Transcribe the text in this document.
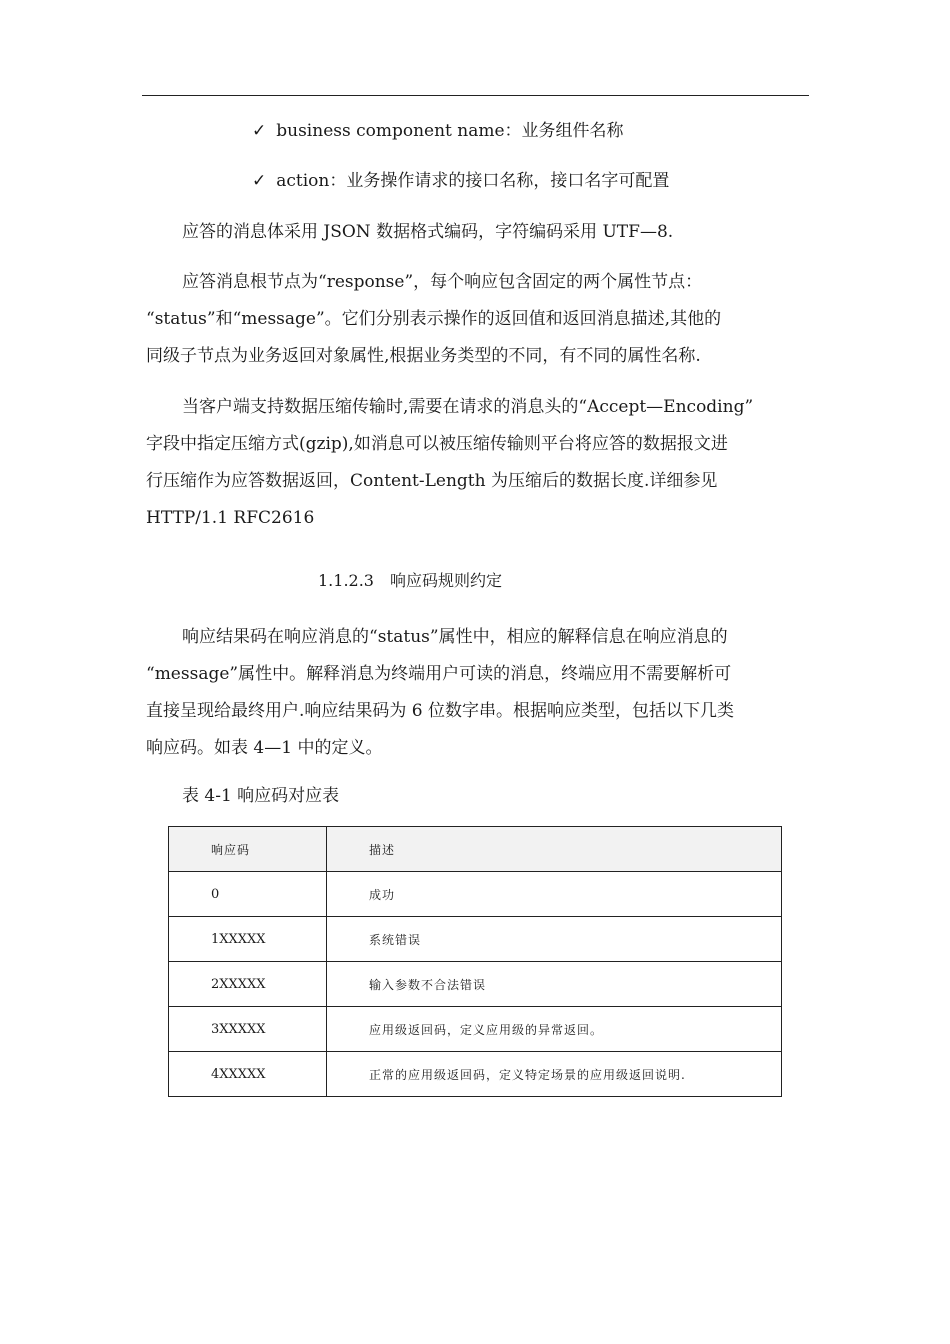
✓ business component name：业务组件名称
✓ action：业务操作请求的接口名称，接口名字可配置
应答的消息体采用 JSON 数据格式编码，字符编码采用 UTF—8.
应答消息根节点为“response”，每个响应包含固定的两个属性节点：
“status”和“message”。它们分别表示操作的返回值和返回消息描述,其他的
同级子节点为业务返回对象属性,根据业务类型的不同，有不同的属性名称.
当客户端支持数据压缩传输时,需要在请求的消息头的“Accept—Encoding”
字段中指定压缩方式(gzip),如消息可以被压缩传输则平台将应答的数据报文进
行压缩作为应答数据返回，Content-Length 为压缩后的数据长度.详细参见
HTTP/1.1 RFC2616
1.1.2.3　响应码规则约定
响应结果码在响应消息的“status”属性中，相应的解释信息在响应消息的
“message”属性中。解释消息为终端用户可读的消息，终端应用不需要解析可
直接呈现给最终用户.响应结果码为 6 位数字串。根据响应类型，包括以下几类
响应码。如表 4—1 中的定义。
表 4-1 响应码对应表
响应码	描述
0	成功
1XXXXX	系统错误
2XXXXX	输入参数不合法错误
3XXXXX	应用级返回码，定义应用级的异常返回。
4XXXXX	正常的应用级返回码，定义特定场景的应用级返回说明.
